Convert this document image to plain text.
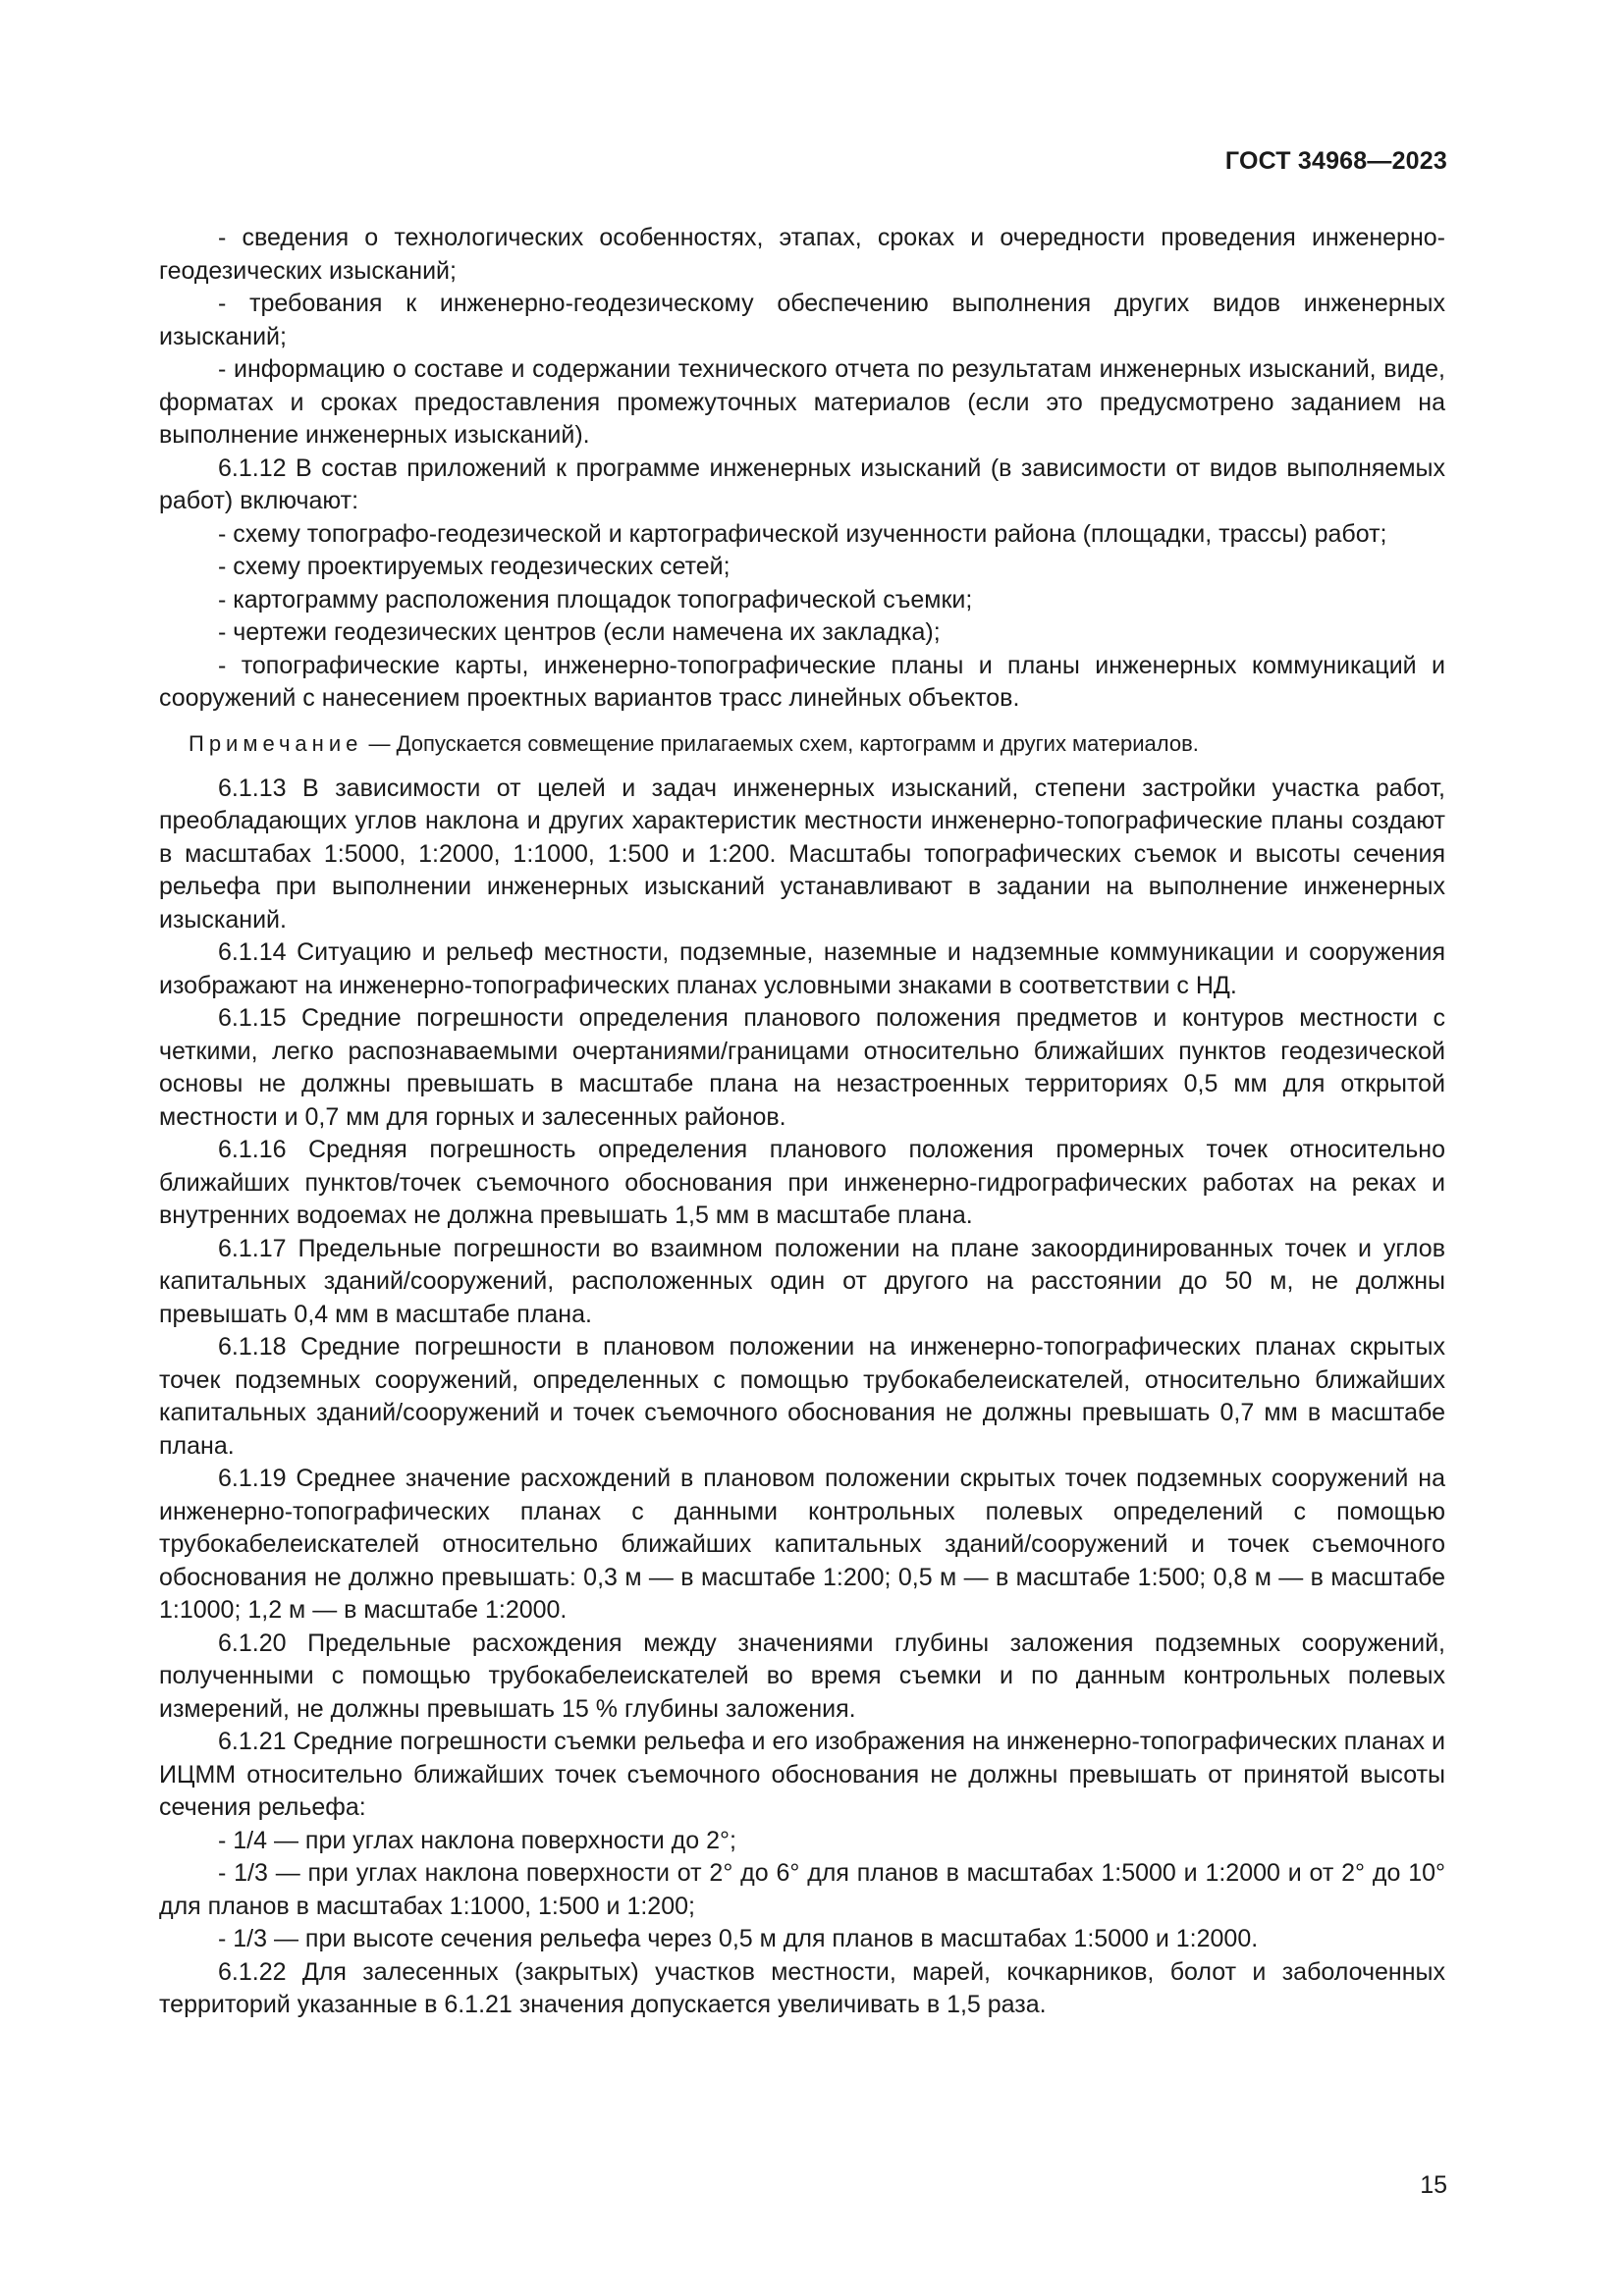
ГОСТ 34968—2023

- сведения о технологических особенностях, этапах, сроках и очередности проведения инженерно-геодезических изысканий;

- требования к инженерно-геодезическому обеспечению выполнения других видов инженерных изысканий;

- информацию о составе и содержании технического отчета по результатам инженерных изысканий, виде, форматах и сроках предоставления промежуточных материалов (если это предусмотрено заданием на выполнение инженерных изысканий).

6.1.12 В состав приложений к программе инженерных изысканий (в зависимости от видов выполняемых работ) включают:

- схему топографо-геодезической и картографической изученности района (площадки, трассы) работ;

- схему проектируемых геодезических сетей;

- картограмму расположения площадок топографической съемки;

- чертежи геодезических центров (если намечена их закладка);

- топографические карты, инженерно-топографические планы и планы инженерных коммуникаций и сооружений с нанесением проектных вариантов трасс линейных объектов.

Примечание — Допускается совмещение прилагаемых схем, картограмм и других материалов.

6.1.13 В зависимости от целей и задач инженерных изысканий, степени застройки участка работ, преобладающих углов наклона и других характеристик местности инженерно-топографические планы создают в масштабах 1:5000, 1:2000, 1:1000, 1:500 и 1:200. Масштабы топографических съемок и высоты сечения рельефа при выполнении инженерных изысканий устанавливают в задании на выполнение инженерных изысканий.

6.1.14 Ситуацию и рельеф местности, подземные, наземные и надземные коммуникации и сооружения изображают на инженерно-топографических планах условными знаками в соответствии с НД.

6.1.15 Средние погрешности определения планового положения предметов и контуров местности с четкими, легко распознаваемыми очертаниями/границами относительно ближайших пунктов геодезической основы не должны превышать в масштабе плана на незастроенных территориях 0,5 мм для открытой местности и 0,7 мм для горных и залесенных районов.

6.1.16 Средняя погрешность определения планового положения промерных точек относительно ближайших пунктов/точек съемочного обоснования при инженерно-гидрографических работах на реках и внутренних водоемах не должна превышать 1,5 мм в масштабе плана.

6.1.17 Предельные погрешности во взаимном положении на плане закоординированных точек и углов капитальных зданий/сооружений, расположенных один от другого на расстоянии до 50 м, не должны превышать 0,4 мм в масштабе плана.

6.1.18 Средние погрешности в плановом положении на инженерно-топографических планах скрытых точек подземных сооружений, определенных с помощью трубокабелеискателей, относительно ближайших капитальных зданий/сооружений и точек съемочного обоснования не должны превышать 0,7 мм в масштабе плана.

6.1.19 Среднее значение расхождений в плановом положении скрытых точек подземных сооружений на инженерно-топографических планах с данными контрольных полевых определений с помощью трубокабелеискателей относительно ближайших капитальных зданий/сооружений и точек съемочного обоснования не должно превышать: 0,3 м — в масштабе 1:200; 0,5 м — в масштабе 1:500; 0,8 м — в масштабе 1:1000; 1,2 м — в масштабе 1:2000.

6.1.20 Предельные расхождения между значениями глубины заложения подземных сооружений, полученными с помощью трубокабелеискателей во время съемки и по данным контрольных полевых измерений, не должны превышать 15 % глубины заложения.

6.1.21 Средние погрешности съемки рельефа и его изображения на инженерно-топографических планах и ИЦММ относительно ближайших точек съемочного обоснования не должны превышать от принятой высоты сечения рельефа:

- 1/4 — при углах наклона поверхности до 2°;

- 1/3 — при углах наклона поверхности от 2° до 6° для планов в масштабах 1:5000 и 1:2000 и от 2° до 10° для планов в масштабах 1:1000, 1:500 и 1:200;

- 1/3 — при высоте сечения рельефа через 0,5 м для планов в масштабах 1:5000 и 1:2000.

6.1.22 Для залесенных (закрытых) участков местности, марей, кочкарников, болот и заболоченных территорий указанные в 6.1.21 значения допускается увеличивать в 1,5 раза.

15
